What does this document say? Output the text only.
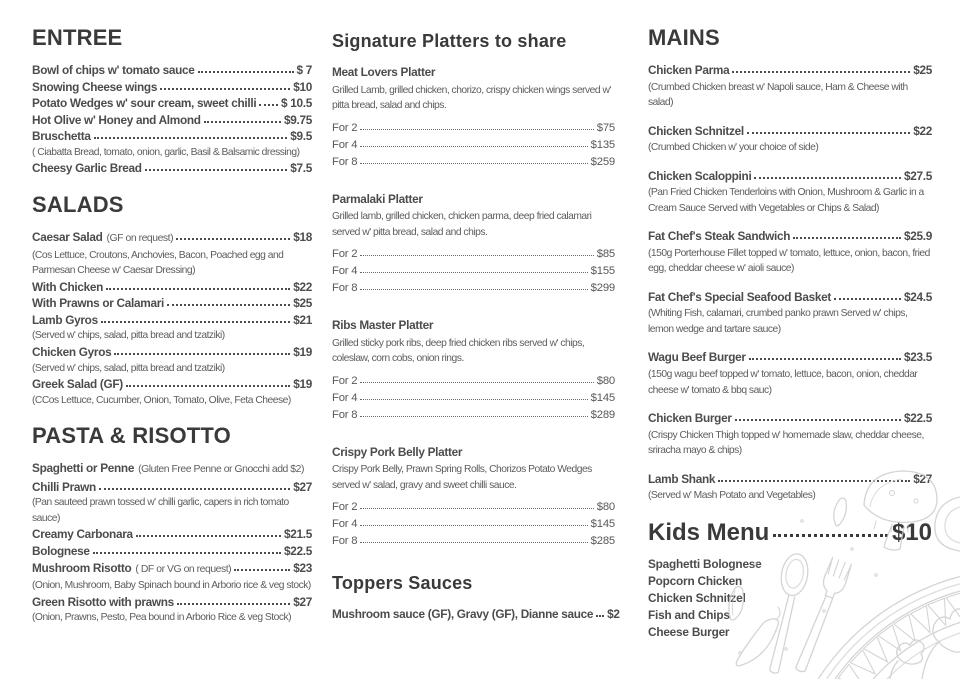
ENTREE
Bowl of chips w' tomato sauce	$ 7
Snowing Cheese wings	$10
Potato Wedges w' sour cream, sweet chilli $ 10.5
Hot Olive w' Honey and Almond	$9.75
Bruschetta	$9.5
( Ciabatta Bread, tomato, onion, garlic, Basil & Balsamic dressing)
Cheesy Garlic Bread	$7.5
SALADS
Caesar Salad (GF on request)	$18
(Cos Lettuce, Croutons, Anchovies, Bacon, Poached egg and Parmesan Cheese w' Caesar Dressing)
With Chicken	$22
With Prawns or Calamari	$25
Lamb Gyros	$21
(Served w' chips, salad, pitta bread and tzatziki)
Chicken Gyros	$19
(Served w' chips, salad, pitta bread and tzatziki)
Greek Salad (GF)	$19
(CCos Lettuce, Cucumber, Onion, Tomato, Olive, Feta Cheese)
PASTA & RISOTTO
Spaghetti or Penne (Gluten Free Penne or Gnocchi add $2)
Chilli Prawn	$27
(Pan sauteed prawn tossed w' chilli garlic, capers in rich tomato sauce)
Creamy Carbonara	$21.5
Bolognese	$22.5
Mushroom Risotto ( DF or VG on request)	$23
(Onion, Mushroom, Baby Spinach bound in Arborio rice & veg stock)
Green Risotto with prawns	$27
(Onion, Prawns, Pesto, Pea bound in Arborio Rice & veg Stock)
Signature Platters to share
Meat Lovers Platter
Grilled Lamb, grilled chicken, chorizo, crispy chicken wings served w' pitta bread, salad and chips.
For 2	$75
For 4	$135
For 8	$259
Parmalaki Platter
Grilled lamb, grilled chicken, chicken parma, deep fried calamari served w' pitta bread, salad and chips.
For 2	$85
For 4	$155
For 8	$299
Ribs Master Platter
Grilled sticky pork ribs, deep fried chicken ribs served w' chips, coleslaw, corn cobs, onion rings.
For 2	$80
For 4	$145
For 8	$289
Crispy Pork Belly Platter
Crispy Pork Belly, Prawn Spring Rolls, Chorizos Potato Wedges served w' salad, gravy and sweet chilli sauce.
For 2	$80
For 4	$145
For 8	$285
Toppers Sauces
Mushroom sauce (GF), Gravy (GF), Dianne sauce $2
MAINS
Chicken Parma	$25
(Crumbed Chicken breast w' Napoli sauce, Ham & Cheese with salad)
Chicken Schnitzel	$22
(Crumbed Chicken w' your choice of side)
Chicken Scaloppini	$27.5
(Pan Fried Chicken Tenderloins with Onion, Mushroom & Garlic in a Cream Sauce Served with Vegetables or Chips & Salad)
Fat Chef's Steak Sandwich	$25.9
(150g Porterhouse Fillet topped w' tomato, lettuce, onion, bacon, fried egg, cheddar cheese w' aioli sauce)
Fat Chef's Special Seafood Basket	$24.5
(Whiting Fish, calamari, crumbed panko prawn Served w' chips, lemon wedge and tartare sauce)
Wagu Beef Burger	$23.5
(150g wagu beef topped w' tomato, lettuce, bacon, onion, cheddar cheese w' tomato & bbq sauc)
Chicken Burger	$22.5
(Crispy Chicken Thigh topped w' homemade slaw, cheddar cheese, sriracha mayo & chips)
Lamb Shank	$27
(Served w' Mash Potato and Vegetables)
Kids Menu	$10
Spaghetti Bolognese
Popcorn Chicken
Chicken Schnitzel
Fish and Chips
Cheese Burger
